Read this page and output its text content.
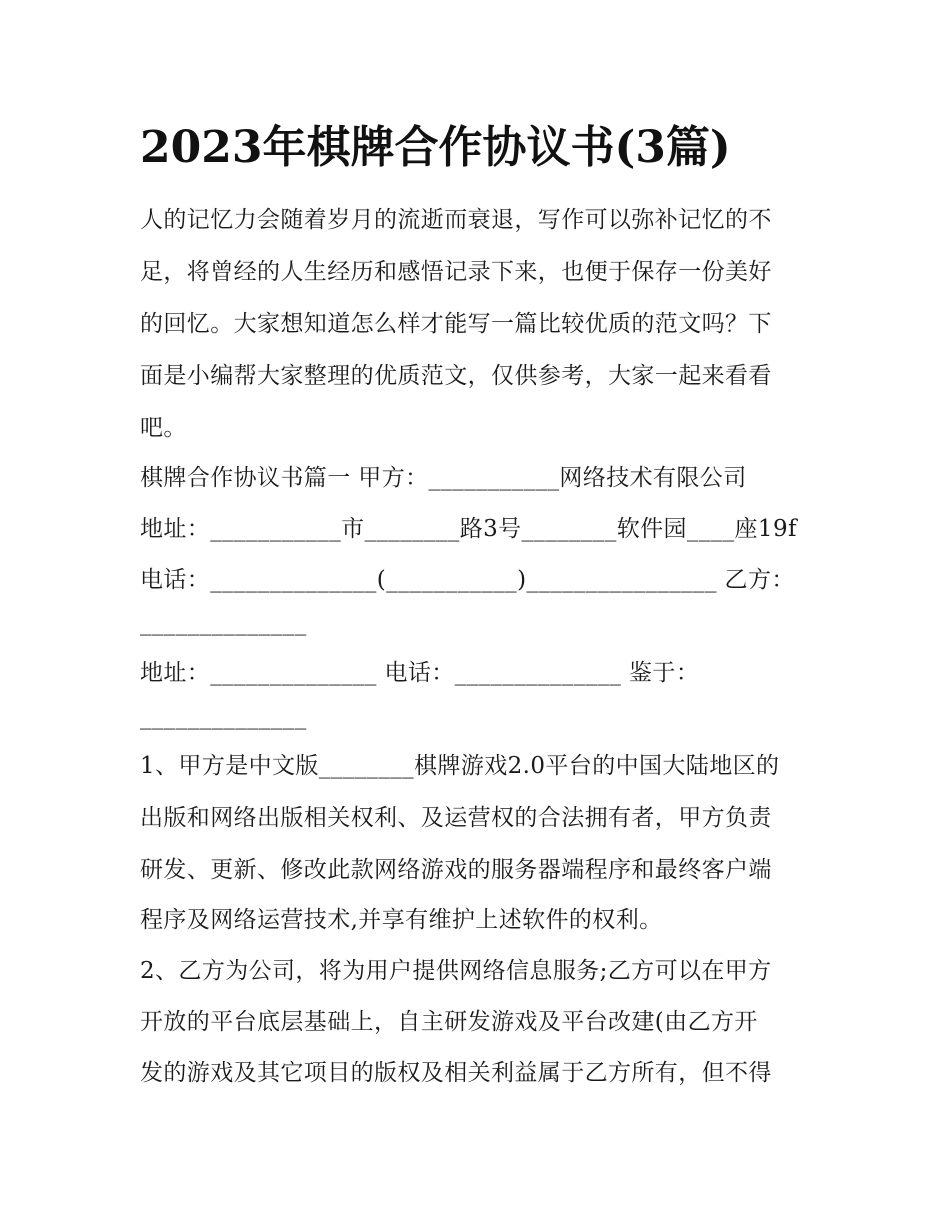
2023年棋牌合作协议书(3篇)

人的记忆力会随着岁月的流逝而衰退，写作可以弥补记忆的不

足，将曾经的人生经历和感悟记录下来，也便于保存一份美好

的回忆。大家想知道怎么样才能写一篇比较优质的范文吗？下

面是小编帮大家整理的优质范文，仅供参考，大家一起来看看

吧。

棋牌合作协议书篇一 甲方：___________网络技术有限公司

地址：___________市________路3号________软件园____座19f

电话：______________(___________)________________ 乙方：

______________

地址：______________ 电话：______________ 鉴于：

______________

1、甲方是中文版________棋牌游戏2.0平台的中国大陆地区的

出版和网络出版相关权利、及运营权的合法拥有者，甲方负责

研发、更新、修改此款网络游戏的服务器端程序和最终客户端

程序及网络运营技术,并享有维护上述软件的权利。

2、乙方为公司，将为用户提供网络信息服务;乙方可以在甲方

开放的平台底层基础上，自主研发游戏及平台改建(由乙方开

发的游戏及其它项目的版权及相关利益属于乙方所有，但不得
